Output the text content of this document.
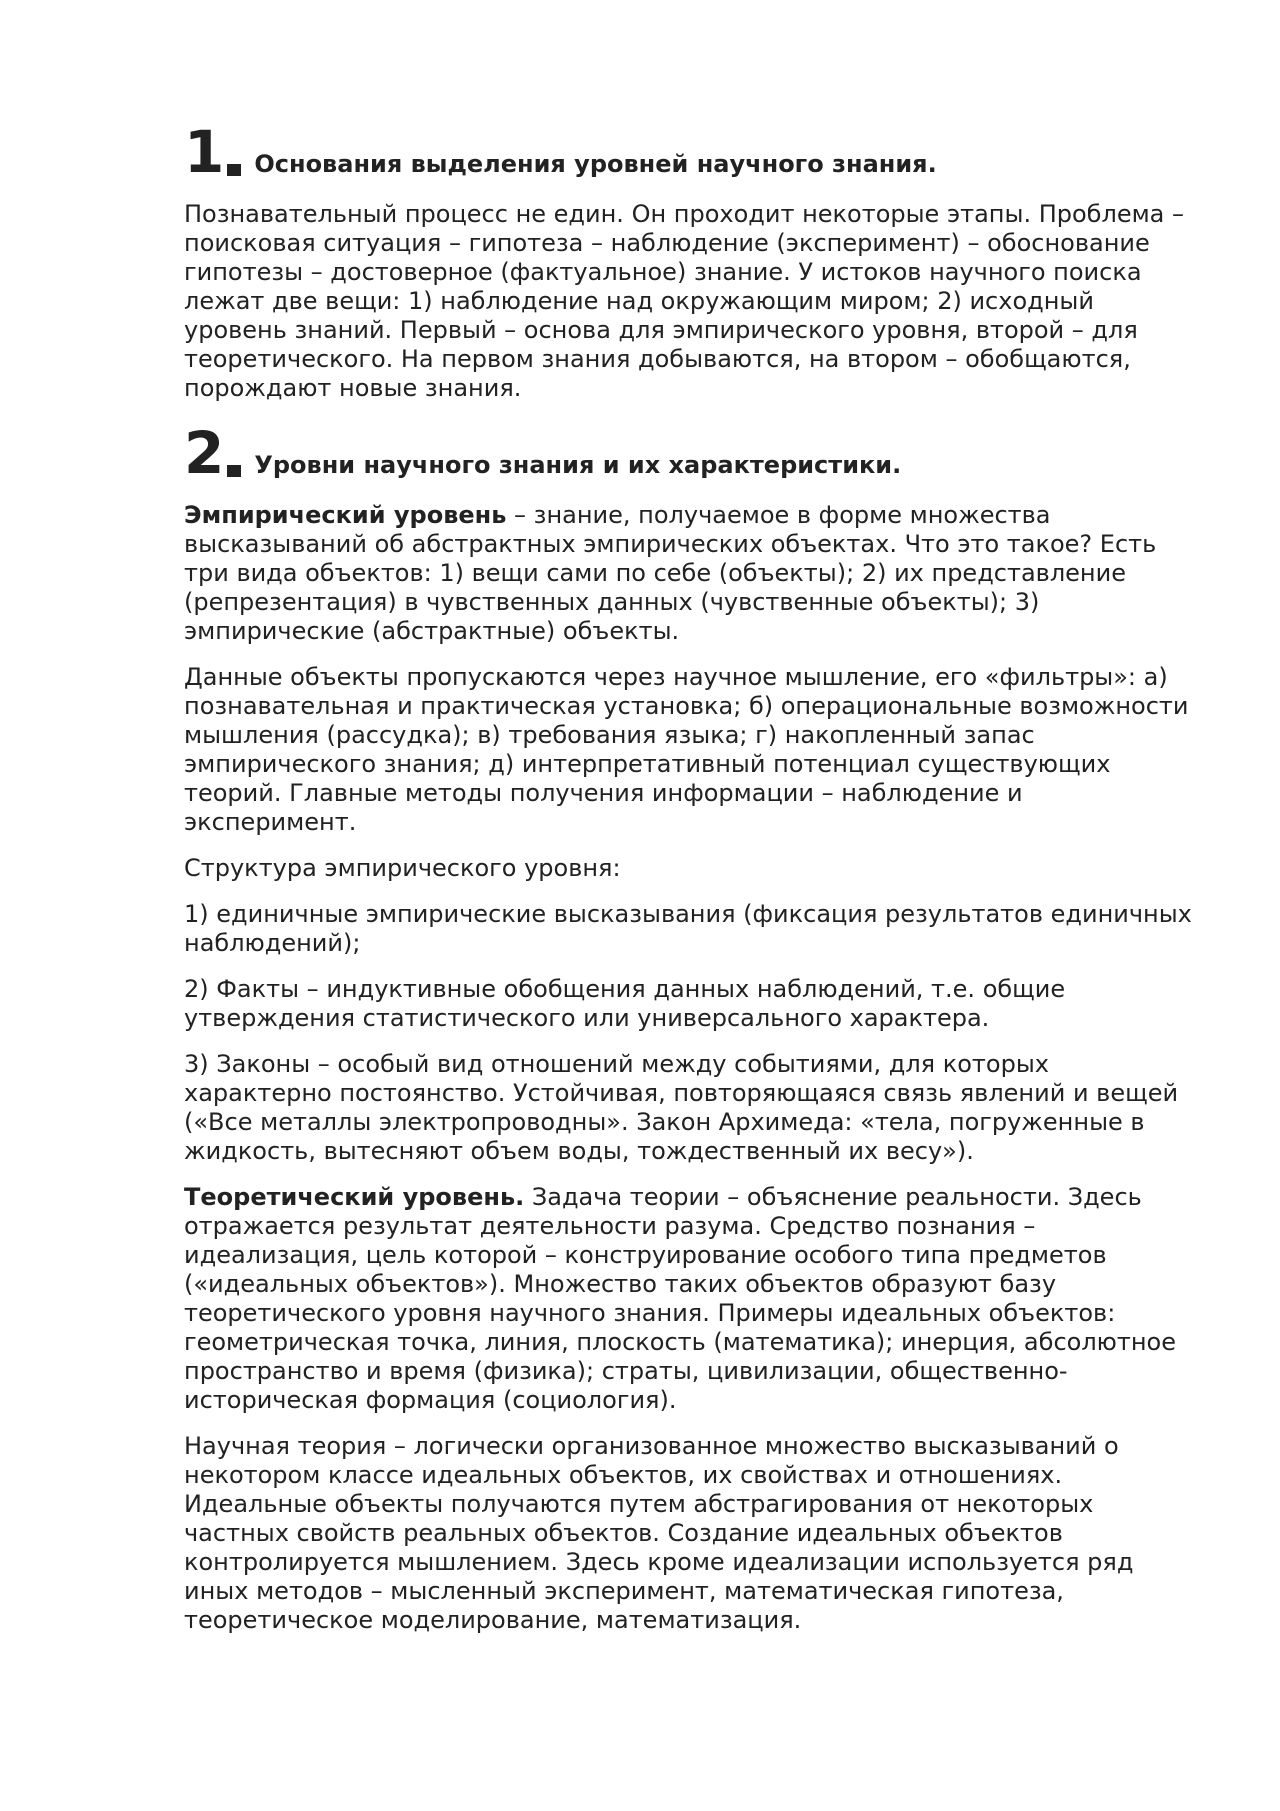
1 Основания выделения уровней научного знания.

Познавательный процесс не един. Он проходит некоторые этапы. Проблема – поисковая ситуация – гипотеза – наблюдение (эксперимент) – обоснование гипотезы – достоверное (фактуальное) знание. У истоков научного поиска лежат две вещи: 1) наблюдение над окружающим миром; 2) исходный уровень знаний. Первый – основа для эмпирического уровня, второй – для теоретического. На первом знания добываются, на втором – обобщаются, порождают новые знания.

2 Уровни научного знания и их характеристики.

Эмпирический уровень – знание, получаемое в форме множества высказываний об абстрактных эмпирических объектах. Что это такое? Есть три вида объектов: 1) вещи сами по себе (объекты); 2) их представление (репрезентация) в чувственных данных (чувственные объекты); 3) эмпирические (абстрактные) объекты.

Данные объекты пропускаются через научное мышление, его «фильтры»: а) познавательная и практическая установка; б) операциональные возможности мышления (рассудка); в) требования языка; г) накопленный запас эмпирического знания; д) интерпретативный потенциал существующих теорий. Главные методы получения информации – наблюдение и эксперимент.

Структура эмпирического уровня:

1) единичные эмпирические высказывания (фиксация результатов единичных наблюдений);

2) Факты – индуктивные обобщения данных наблюдений, т.е. общие утверждения статистического или универсального характера.

3) Законы – особый вид отношений между событиями, для которых характерно постоянство. Устойчивая, повторяющаяся связь явлений и вещей («Все металлы электропроводны». Закон Архимеда: «тела, погруженные в жидкость, вытесняют объем воды, тождественный их весу»).

Теоретический уровень. Задача теории – объяснение реальности. Здесь отражается результат деятельности разума. Средство познания – идеализация, цель которой – конструирование особого типа предметов («идеальных объектов»). Множество таких объектов образуют базу теоретического уровня научного знания. Примеры идеальных объектов: геометрическая точка, линия, плоскость (математика); инерция, абсолютное пространство и время (физика); страты, цивилизации, общественно-историческая формация (социология).

Научная теория – логически организованное множество высказываний о некотором классе идеальных объектов, их свойствах и отношениях. Идеальные объекты получаются путем абстрагирования от некоторых частных свойств реальных объектов. Создание идеальных объектов контролируется мышлением. Здесь кроме идеализации используется ряд иных методов – мысленный эксперимент, математическая гипотеза, теоретическое моделирование, математизация.
